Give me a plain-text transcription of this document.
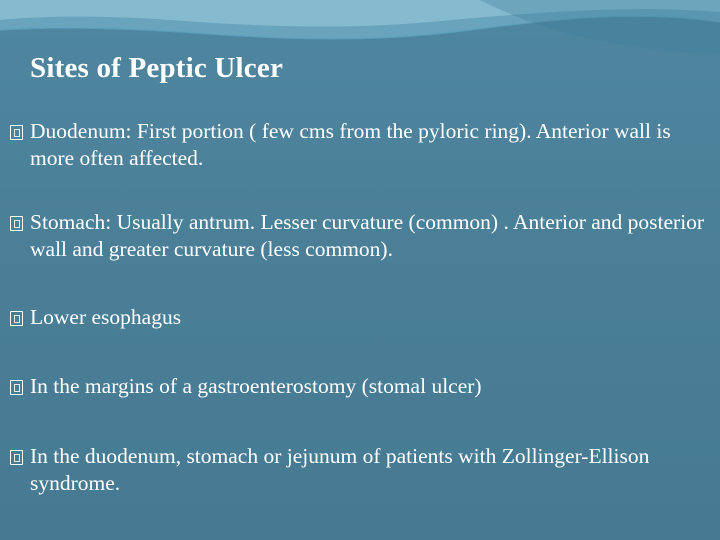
Sites of Peptic Ulcer
Duodenum: First portion ( few cms from the pyloric ring). Anterior wall is more often affected.
Stomach: Usually antrum. Lesser curvature (common) . Anterior and posterior wall and greater curvature (less common).
Lower esophagus
In the margins of a gastroenterostomy (stomal ulcer)
In the duodenum, stomach or jejunum of patients with Zollinger-Ellison syndrome.
